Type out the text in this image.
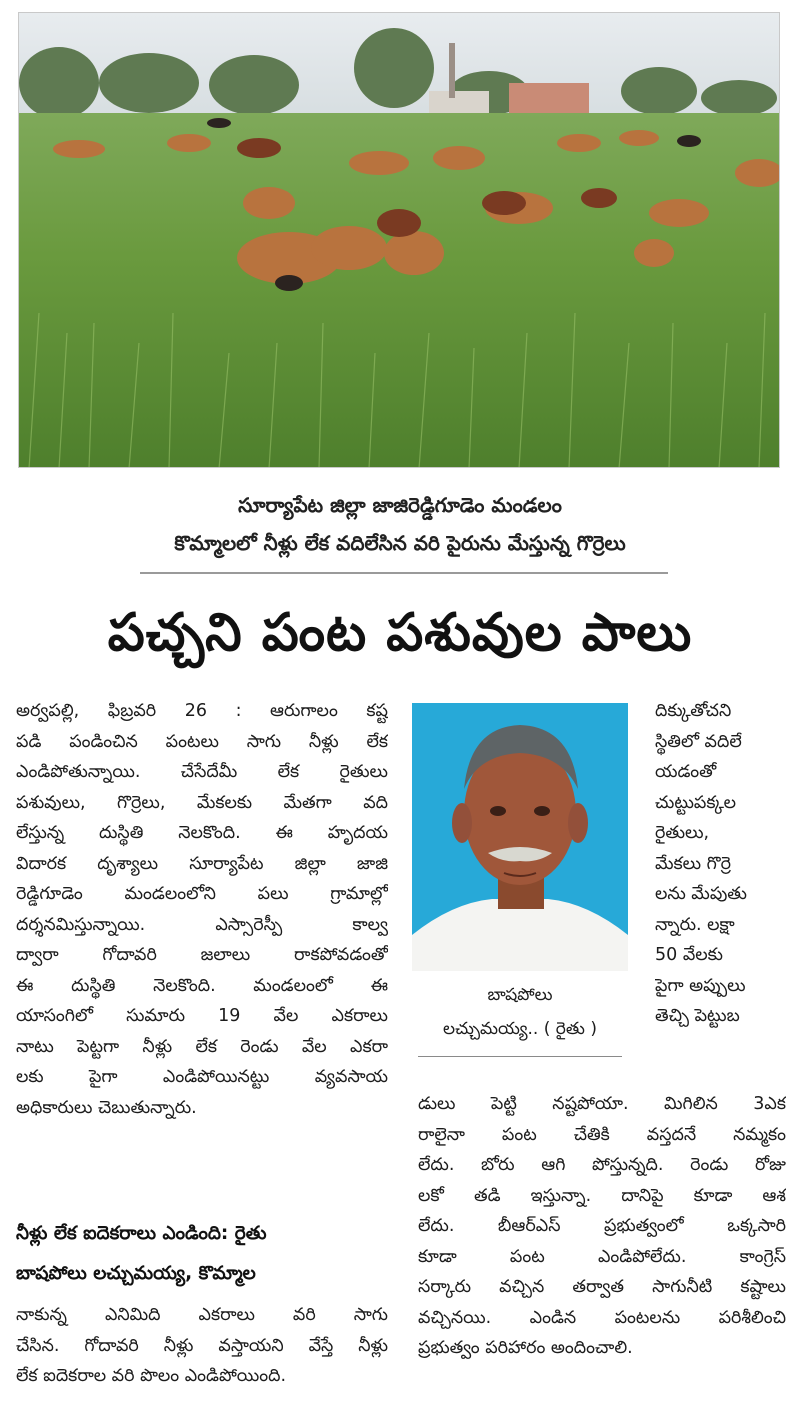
సూర్యాపేట జిల్లా జాజిరెడ్డిగూడెం మండలం
కొమ్మాలలో నీళ్లు లేక వదిలేసిన వరి పైరును మేస్తున్న గొర్రెలు
పచ్చని పంట పశువుల పాలు
అర్వపల్లి, ఫిబ్రవరి 26 : ఆరుగాలం కష్ట
పడి పండించిన పంటలు సాగు నీళ్లు లేక
ఎండిపోతున్నాయి. చేసేదేమీ లేక రైతులు
పశువులు, గొర్రెలు, మేకలకు మేతగా వది
లేస్తున్న దుస్థితి నెలకొంది. ఈ హృదయ
విదారక దృశ్యాలు సూర్యాపేట జిల్లా జాజి
రెడ్డిగూడెం మండలంలోని పలు గ్రామాల్లో
దర్శనమిస్తున్నాయి. ఎస్సారెస్పీ కాల్వ
ద్వారా గోదావరి జలాలు రాకపోవడంతో
ఈ దుస్థితి నెలకొంది. మండలంలో ఈ
యాసంగిలో సుమారు 19 వేల ఎకరాలు
నాటు పెట్టగా నీళ్లు లేక రెండు వేల ఎకరా
లకు పైగా ఎండిపోయినట్టు వ్యవసాయ
అధికారులు చెబుతున్నారు.
నీళ్లు లేక ఐదెకరాలు ఎండింది: రైతు
బాషపోలు లచ్చుమయ్య, కొమ్మాల
నాకున్న ఎనిమిది ఎకరాలు వరి సాగు
చేసిన. గోదావరి నీళ్లు వస్తాయని వేస్తే నీళ్లు
లేక ఐదెకరాల వరి పొలం ఎండిపోయింది.
బాషపోలు
లచ్చుమయ్య.. ( రైతు )
దిక్కుతోచని
స్థితిలో వదిలే
యడంతో
చుట్టుపక్కల
రైతులు,
మేకలు గొర్రె
లను మేపుతు
న్నారు. లక్షా
50 వేలకు
పైగా అప్పులు
తెచ్చి పెట్టుబ
డులు పెట్టి నష్టపోయా. మిగిలిన 3ఎక
రాలైనా పంట చేతికి వస్తదనే నమ్మకం
లేదు. బోరు ఆగి పోస్తున్నది. రెండు రోజు
లకో తడి ఇస్తున్నా. దానిపై కూడా ఆశ
లేదు. బీఆర్ఎస్ ప్రభుత్వంలో ఒక్కసారి
కూడా పంట ఎండిపోలేదు. కాంగ్రెస్
సర్కారు వచ్చిన తర్వాత సాగునీటి కష్టాలు
వచ్చినయి. ఎండిన పంటలను పరిశీలించి
ప్రభుత్వం పరిహారం అందించాలి.
